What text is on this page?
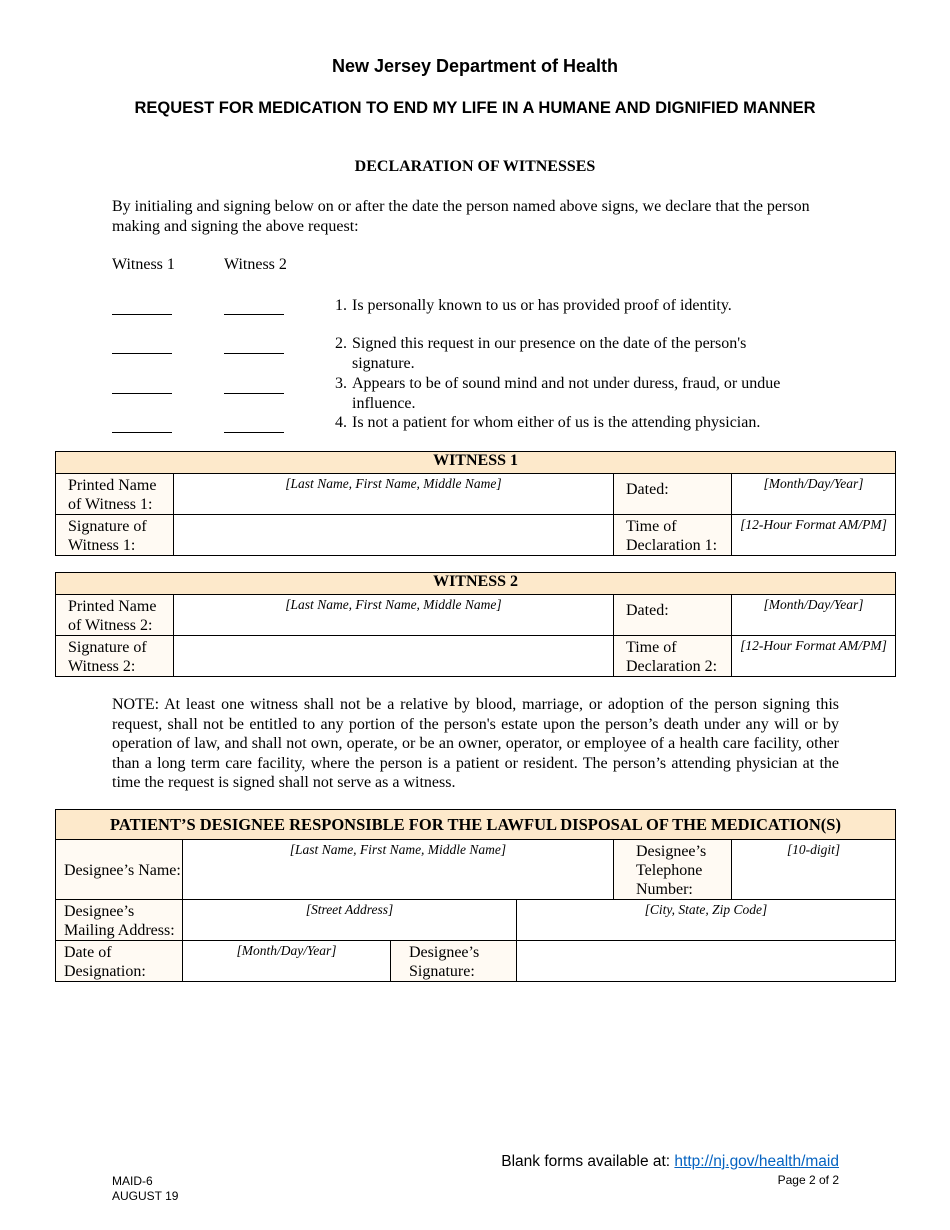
New Jersey Department of Health
REQUEST FOR MEDICATION TO END MY LIFE IN A HUMANE AND DIGNIFIED MANNER
DECLARATION OF WITNESSES
By initialing and signing below on or after the date the person named above signs, we declare that the person making and signing the above request:
Witness 1	Witness 2
1. Is personally known to us or has provided proof of identity.
2. Signed this request in our presence on the date of the person's
signature.
3. Appears to be of sound mind and not under duress, fraud, or undue
influence.
4. Is not a patient for whom either of us is the attending physician.
WITNESS 1			
Printed Name of Witness 1:	[Last Name, First Name, Middle Name]	Dated:	[Month/Day/Year]
Signature of Witness 1:		Time of Declaration 1:	[12-Hour Format AM/PM]
WITNESS 2			
Printed Name of Witness 2:	[Last Name, First Name, Middle Name]	Dated:	[Month/Day/Year]
Signature of Witness 2:		Time of Declaration 2:	[12-Hour Format AM/PM]
NOTE: At least one witness shall not be a relative by blood, marriage, or adoption of the person signing this request, shall not be entitled to any portion of the person's estate upon the person’s death under any will or by operation of law, and shall not own, operate, or be an owner, operator, or employee of a health care facility, other than a long term care facility, where the person is a patient or resident. The person’s attending physician at the time the request is signed shall not serve as a witness.
PATIENT’S DESIGNEE RESPONSIBLE FOR THE LAWFUL DISPOSAL OF THE MEDICATION(S)					
Designee’s Name:	[Last Name, First Name, Middle Name]			Designee’s Telephone Number:	[10-digit]
Designee’s Mailing Address:	[Street Address]		[City, State, Zip Code]		
Date of Designation:	[Month/Day/Year]	Designee’s Signature:			
Blank forms available at: http://nj.gov/health/maid
Page 2 of 2
MAID-6
AUGUST 19
